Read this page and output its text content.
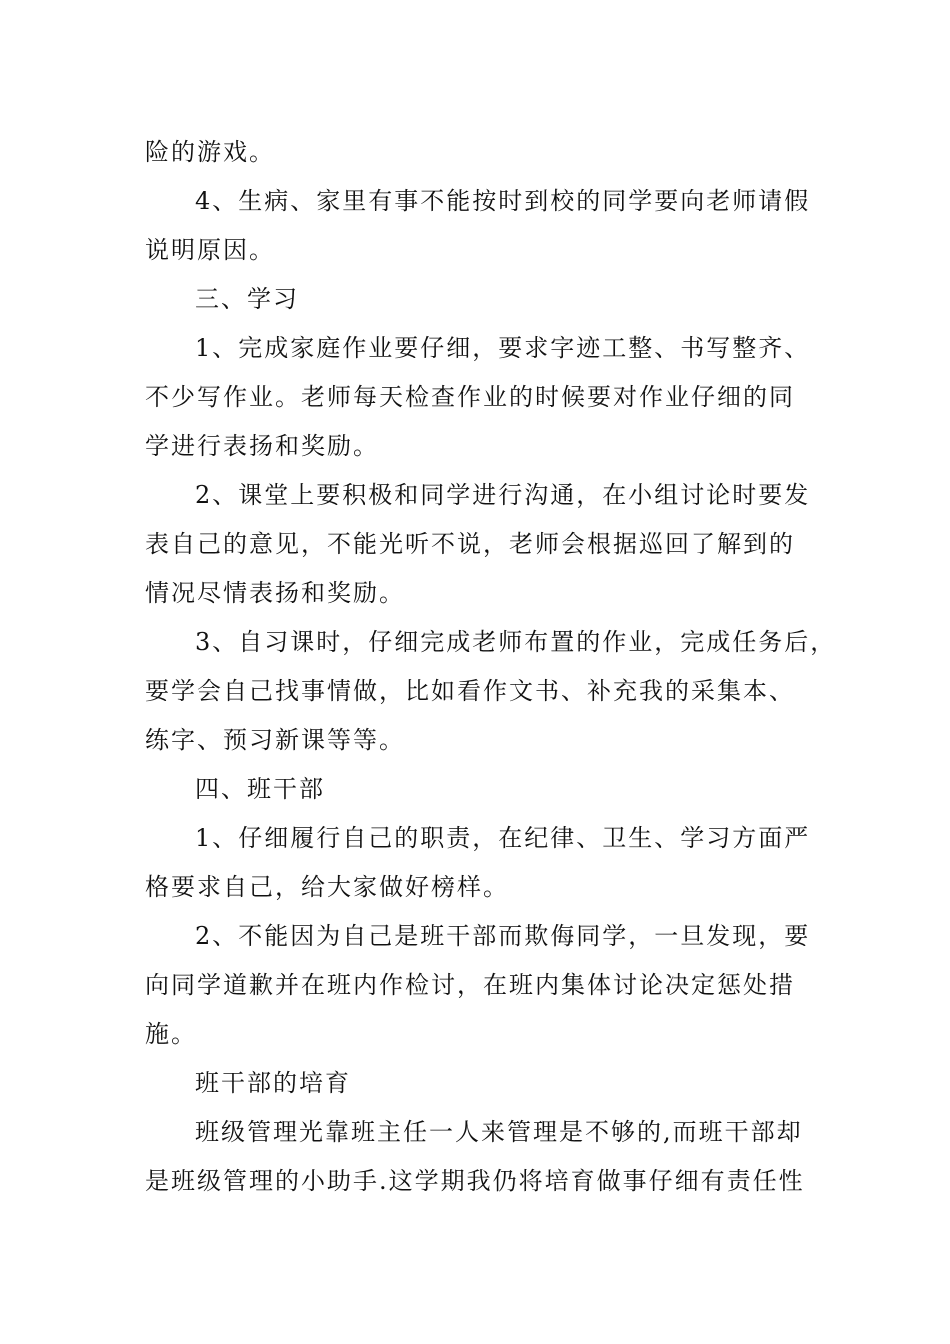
险的游戏。
4、生病、家里有事不能按时到校的同学要向老师请假
说明原因。
三、学习
1、完成家庭作业要仔细，要求字迹工整、书写整齐、
不少写作业。老师每天检查作业的时候要对作业仔细的同
学进行表扬和奖励。
2、课堂上要积极和同学进行沟通，在小组讨论时要发
表自己的意见，不能光听不说，老师会根据巡回了解到的
情况尽情表扬和奖励。
3、自习课时，仔细完成老师布置的作业，完成任务后，
要学会自己找事情做，比如看作文书、补充我的采集本、
练字、预习新课等等。
四、班干部
1、仔细履行自己的职责，在纪律、卫生、学习方面严
格要求自己，给大家做好榜样。
2、不能因为自己是班干部而欺侮同学，一旦发现，要
向同学道歉并在班内作检讨，在班内集体讨论决定惩处措
施。
班干部的培育
班级管理光靠班主任一人来管理是不够的,而班干部却
是班级管理的小助手.这学期我仍将培育做事仔细有责任性
